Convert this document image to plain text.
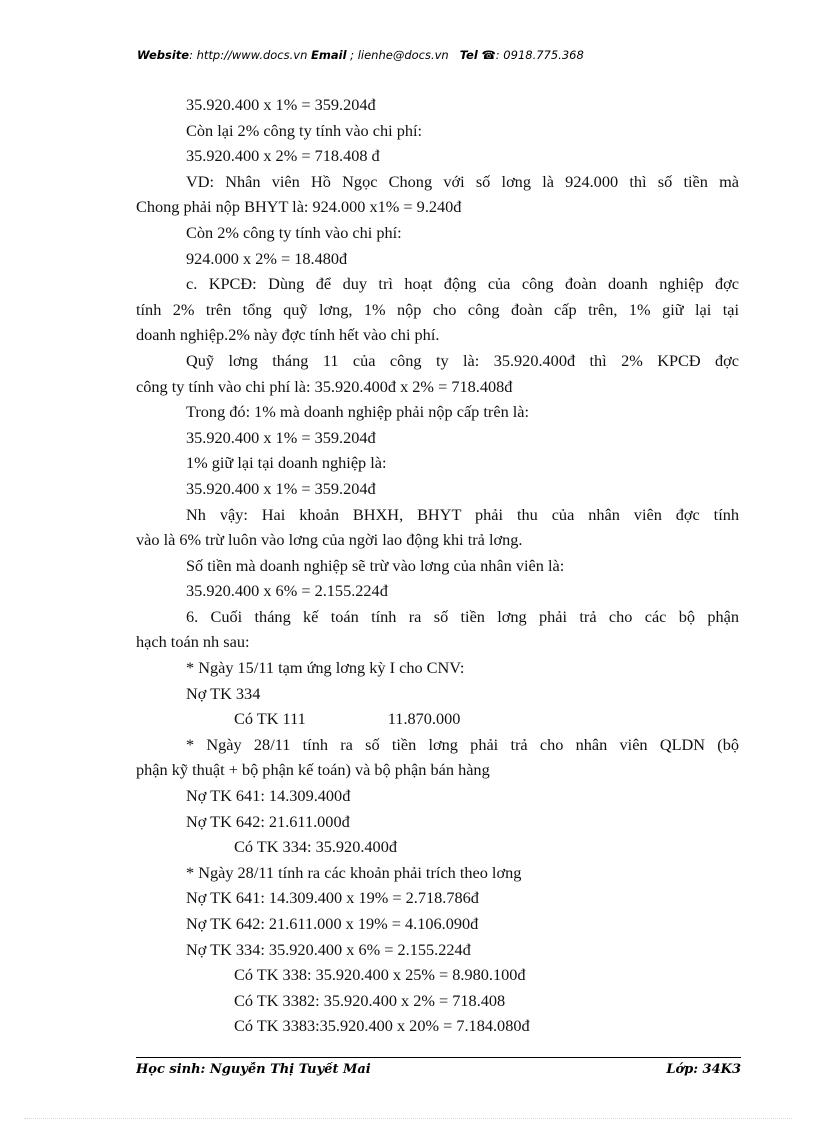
Website: http://www.docs.vn Email ; lienhe@docs.vn Tel ☎: 0918.775.368
35.920.400 x 1% = 359.204đ
Còn lại 2% công ty tính vào chi phí:
35.920.400 x 2% = 718.408 đ
VD: Nhân viên Hồ Ngọc Chong với số lơng là 924.000 thì số tiền mà
Chong phải nộp BHYT là: 924.000 x1% = 9.240đ
Còn 2% công ty tính vào chi phí:
924.000 x 2% = 18.480đ
c. KPCĐ: Dùng để duy trì hoạt động của công đoàn doanh nghiệp đợc
tính 2% trên tổng quỹ lơng, 1% nộp cho công đoàn cấp trên, 1% giữ lại tại
doanh nghiệp.2% này đợc tính hết vào chi phí.
Quỹ lơng tháng 11 của công ty là: 35.920.400đ thì 2% KPCĐ đợc
công ty tính vào chi phí là: 35.920.400đ x 2% = 718.408đ
Trong đó: 1% mà doanh nghiệp phải nộp cấp trên là:
35.920.400 x 1% = 359.204đ
1% giữ lại tại doanh nghiệp là:
35.920.400 x 1% = 359.204đ
Nh vậy: Hai khoản BHXH, BHYT phải thu của nhân viên đợc tính
vào là 6% trừ luôn vào lơng của ngời lao động khi trả lơng.
Số tiền mà doanh nghiệp sẽ trừ vào lơng của nhân viên là:
35.920.400 x 6% = 2.155.224đ
6. Cuối tháng kế toán tính ra số tiền lơng phải trả cho các bộ phận
hạch toán nh sau:
* Ngày 15/11 tạm ứng lơng kỳ I cho CNV:
Nợ TK 334
Có TK 111	11.870.000
* Ngày 28/11 tính ra số tiền lơng phải trả cho nhân viên QLDN (bộ
phận kỹ thuật + bộ phận kế toán) và bộ phận bán hàng
Nợ TK 641: 14.309.400đ
Nợ TK 642: 21.611.000đ
Có TK 334: 35.920.400đ
* Ngày 28/11 tính ra các khoản phải trích theo lơng
Nợ TK 641: 14.309.400 x 19% = 2.718.786đ
Nợ TK 642: 21.611.000 x 19% = 4.106.090đ
Nợ TK 334: 35.920.400 x 6% = 2.155.224đ
Có TK 338: 35.920.400 x 25% = 8.980.100đ
Có TK 3382: 35.920.400 x 2% = 718.408
Có TK 3383:35.920.400 x 20% = 7.184.080đ
Học sinh: Nguyễn Thị Tuyết Mai	Lớp: 34K3
